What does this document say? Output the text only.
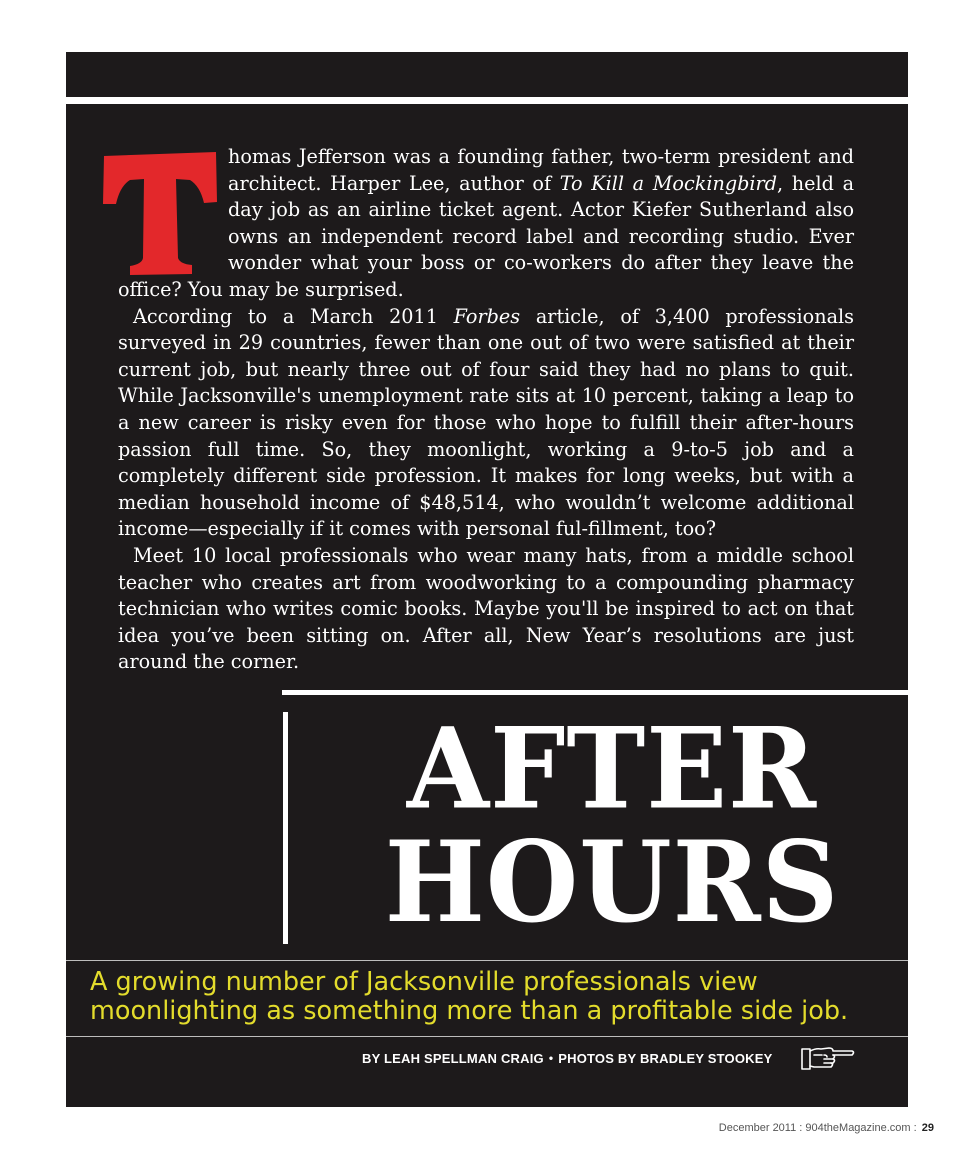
homas Jefferson was a founding father, two-term president and architect. Harper Lee, author of To Kill a Mockingbird, held a day job as an airline ticket agent. Actor Kiefer Sutherland also owns an independent record label and recording studio. Ever wonder what your boss or co-workers do after they leave the office? You may be surprised.

According to a March 2011 Forbes article, of 3,400 professionals surveyed in 29 countries, fewer than one out of two were satisfied at their current job, but nearly three out of four said they had no plans to quit. While Jacksonville's unemployment rate sits at 10 percent, taking a leap to a new career is risky even for those who hope to fulfill their after-hours passion full time. So, they moonlight, working a 9-to-5 job and a completely different side profession. It makes for long weeks, but with a median household income of $48,514, who wouldn’t welcome additional income—especially if it comes with personal ful-fillment, too?

Meet 10 local professionals who wear many hats, from a middle school teacher who creates art from woodworking to a compounding pharmacy technician who writes comic books. Maybe you'll be inspired to act on that idea you’ve been sitting on. After all, New Year’s resolutions are just around the corner.

AFTER
HOURS
A growing number of Jacksonville professionals view moonlighting as something more than a profitable side job.
BY LEAH SPELLMAN CRAIG • PHOTOS BY BRADLEY STOOKEY
December 2011 : 904theMagazine.com : 29
